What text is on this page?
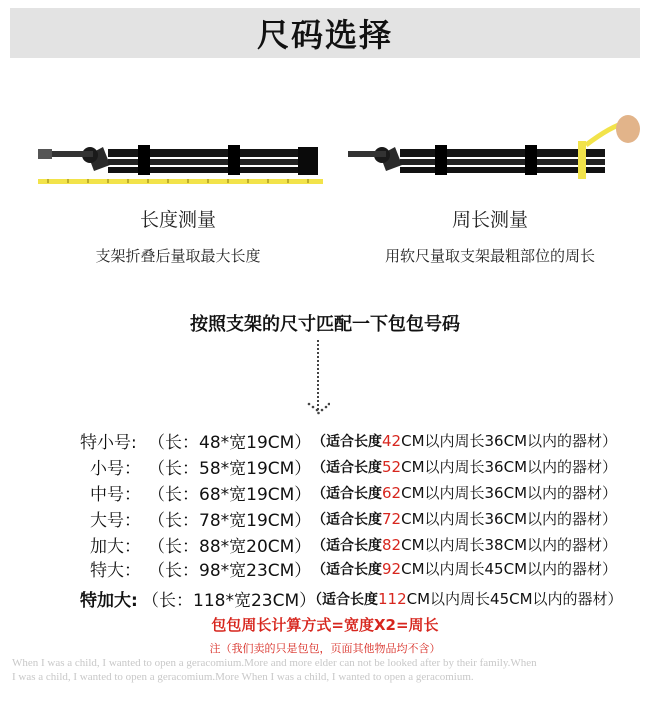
尺码选择
长度测量	周长测量
支架折叠后量取最大长度	用软尺量取支架最粗部位的周长
按照支架的尺寸匹配一下包包号码
特小号: （长：48*宽19CM） （适合长度42CM以内周长36CM以内的器材）
小号： （长：58*宽19CM） （适合长度52CM以内周长36CM以内的器材）
中号： （长：68*宽19CM） （适合长度62CM以内周长36CM以内的器材）
大号： （长：78*宽19CM） （适合长度72CM以内周长36CM以内的器材）
加大： （长：88*宽20CM） （适合长度82CM以内周长38CM以内的器材）
特大： （长：98*宽23CM） （适合长度92CM以内周长45CM以内的器材）
特加大: （长：118*宽23CM）
（适合长度112CM以内周长45CM以内的器材）
包包周长计算方式=宽度X2=周长
注（我们卖的只是包包，页面其他物品均不含）
When I was a child, I wanted to open a geracomium.More and more elder can not be looked after by their family.When
I was a child, I wanted to open a geracomium.More When I was a child, I wanted to open a geracomium.
